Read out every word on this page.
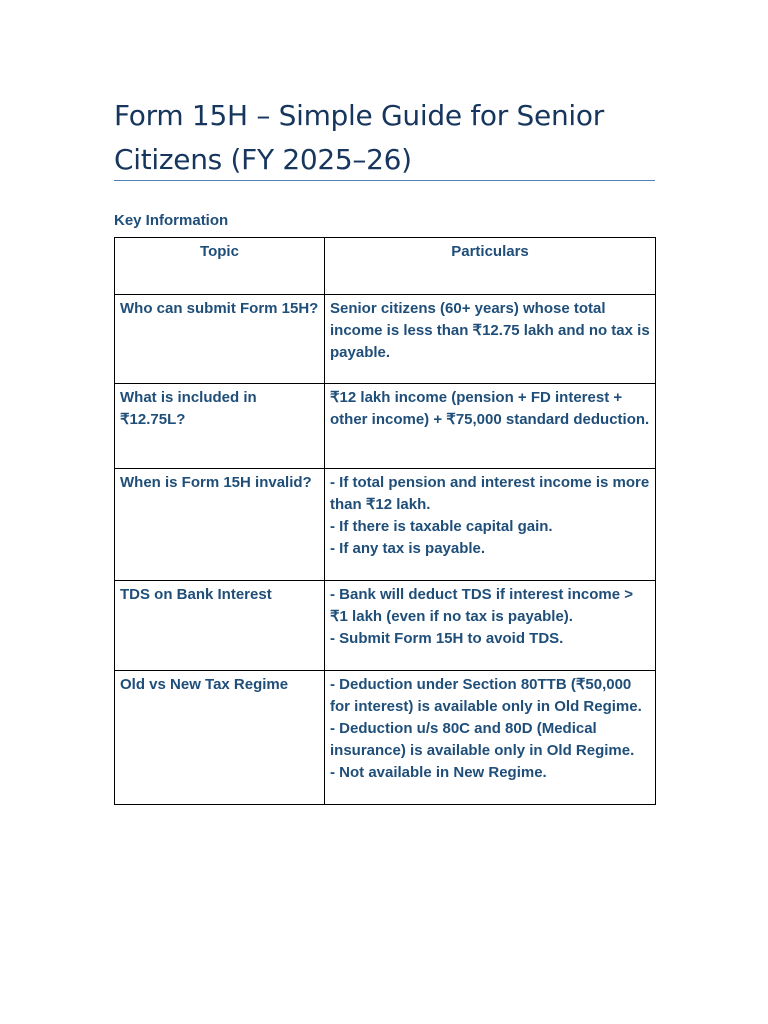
Form 15H – Simple Guide for Senior
Citizens (FY 2025–26)
Key Information
Topic	Particulars
Who can submit Form 15H?	Senior citizens (60+ years) whose total income is less than ₹12.75 lakh and no tax is payable.

What is included in ₹12.75L?	₹12 lakh income (pension + FD interest + other income) + ₹75,000 standard deduction.

When is Form 15H invalid?	- If total pension and interest income is more than ₹12 lakh.
- If there is taxable capital gain.
- If any tax is payable.

TDS on Bank Interest	- Bank will deduct TDS if interest income > ₹1 lakh (even if no tax is payable).
- Submit Form 15H to avoid TDS.

Old vs New Tax Regime	- Deduction under Section 80TTB (₹50,000 for interest) is available only in Old Regime.
- Deduction u/s 80C and 80D (Medical insurance) is available only in Old Regime.
- Not available in New Regime.
